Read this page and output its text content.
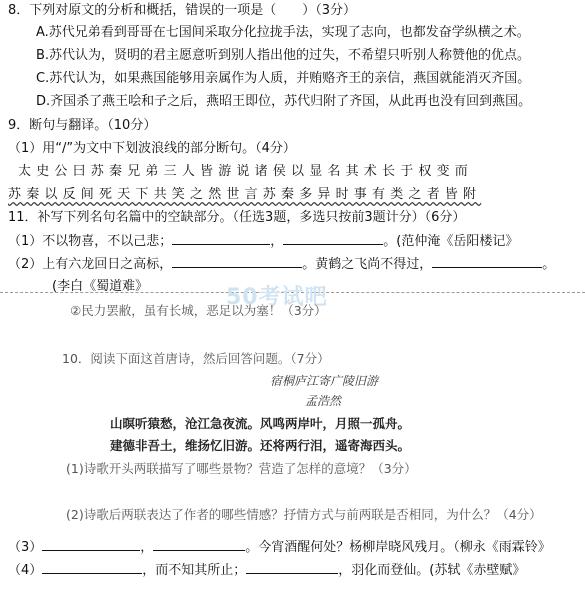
8．下列对原文的分析和概括，错误的一项是（　　）（3分）
A.苏代兄弟看到哥哥在七国间采取分化拉拢手法，实现了志向，也都发奋学纵横之术。
B.苏代认为，贤明的君主愿意听到别人指出他的过失，不希望只听别人称赞他的优点。
C.苏代认为，如果燕国能够用亲属作为人质，并贿赂齐王的亲信，燕国就能消灭齐国。
D.齐国杀了燕王哙和子之后，燕昭王即位，苏代归附了齐国，从此再也没有回到燕国。
9．断句与翻译。（10分）
（1）用“/”为文中下划波浪线的部分断句。（4分）
太史公曰苏秦兄弟三人皆游说诸侯以显名其术长于权变而
苏秦以反间死天下共笑之然世言苏秦多异时事有类之者皆附
11．补写下列名句名篇中的空缺部分。（任选3题，多选只按前3题计分）（6分）
（1）不以物喜，不以己悲；	，	。(范仲淹《岳阳楼记》
（2）上有六龙回日之高标，	。黄鹤之飞尚不得过，	。
(李白《蜀道难》	50考试吧
②民力罢敝，虽有长城，恶足以为塞！（3分）
10．阅读下面这首唐诗，然后回答问题。（7分）
宿桐庐江寄广陵旧游
孟浩然
山暝听猿愁，沧江急夜流。风鸣两岸叶，月照一孤舟。
建德非吾土，维扬忆旧游。还将两行泪，遥寄海西头。
(1)诗歌开头两联描写了哪些景物？营造了怎样的意境？（3分）
(2)诗歌后两联表达了作者的哪些情感？抒情方式与前两联是否相同，为什么？（4分）
（3）	，	。今宵酒醒何处？杨柳岸晓风残月。（柳永《雨霖铃》
（4）	，而不知其所止；	，羽化而登仙。(苏轼《赤壁赋》
